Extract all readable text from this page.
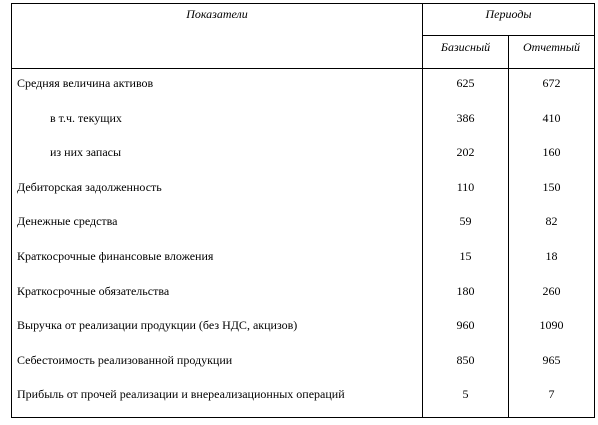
Показатели	Периоды	

	Базисный	Отчетный

Средняя величина активов	625	672

в т.ч. текущих	386	410

из них запасы	202	160

Дебиторская задолженность	110	150

Денежные средства	59	82

Краткосрочные финансовые вложения	15	18

Краткосрочные обязательства	180	260

Выручка от реализации продукции (без НДС, акцизов)	960	1090

Себестоимость реализованной продукции	850	965

Прибыль от прочей реализации и внереализационных операций	5	7
